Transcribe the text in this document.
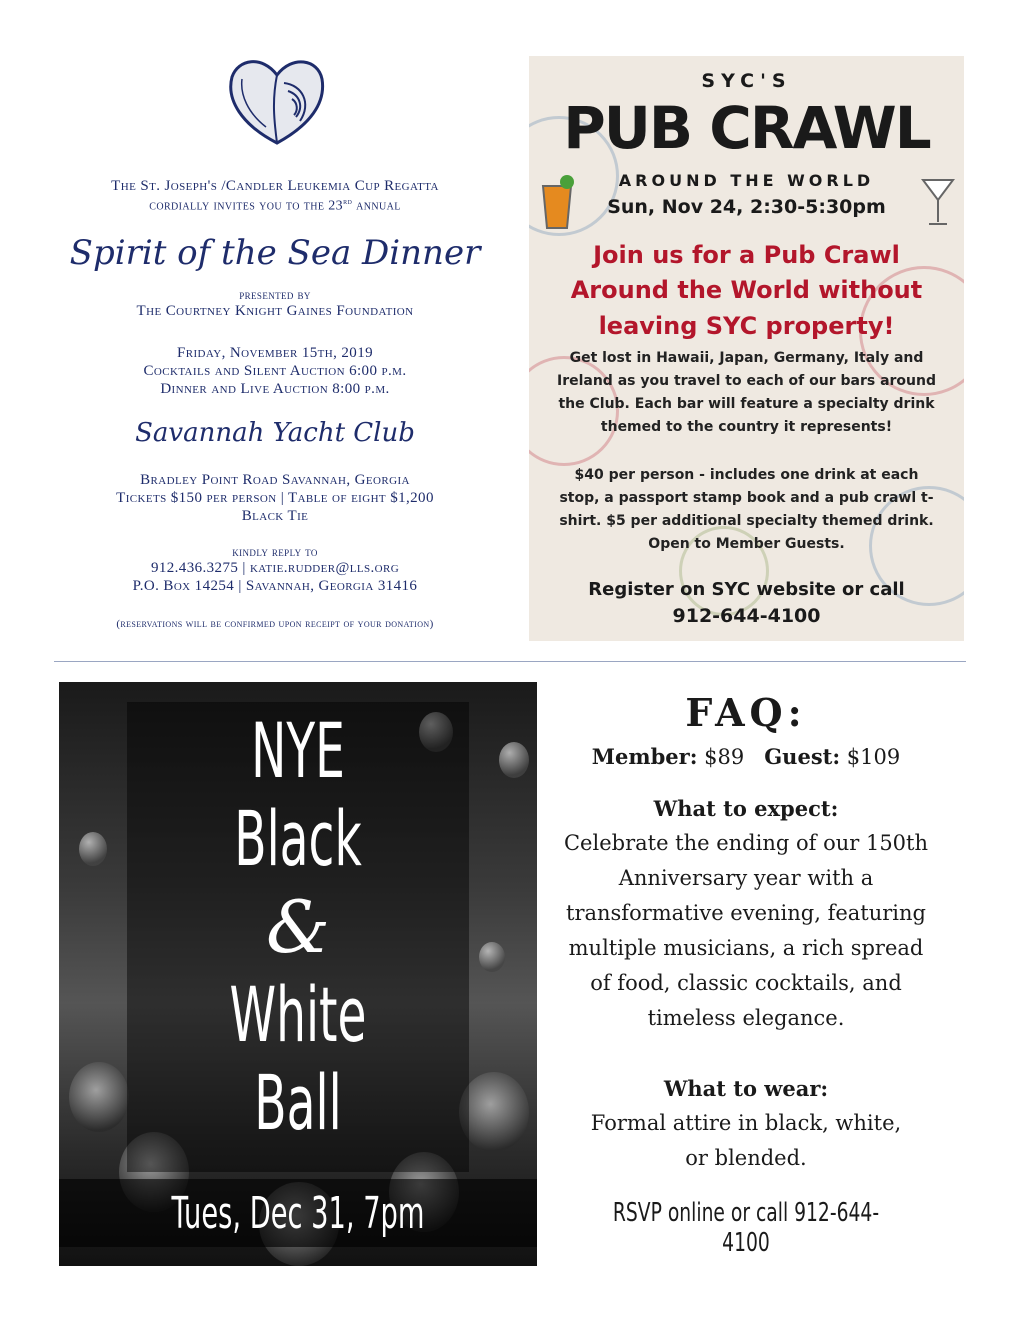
The St. Joseph's /Candler Leukemia Cup Regatta
cordially invites you to the 23rd annual
Spirit of the Sea Dinner
presented by
The Courtney Knight Gaines Foundation
Friday, November 15th, 2019
Cocktails and Silent Auction 6:00 p.m.
Dinner and Live Auction 8:00 p.m.
Savannah Yacht Club
Bradley Point Road Savannah, Georgia
Tickets $150 per person | Table of eight $1,200
Black Tie
kindly reply to
912.436.3275 | katie.rudder@lls.org
P.O. Box 14254 | Savannah, Georgia 31416
(reservations will be confirmed upon receipt of your donation)
SYC'S
PUB CRAWL
AROUND THE WORLD
Sun, Nov 24, 2:30-5:30pm
Join us for a Pub Crawl
Around the World without
leaving SYC property!
Get lost in Hawaii, Japan, Germany, Italy and
Ireland as you travel to each of our bars around
the Club. Each bar will feature a specialty drink
themed to the country it represents!
$40 per person - includes one drink at each
stop, a passport stamp book and a pub crawl t-
shirt. $5 per additional specialty themed drink.
Open to Member Guests.
Register on SYC website or call
912-644-4100
NYE
Black
&
White
Ball
Tues, Dec 31, 7pm
FAQ:
Member: $89 Guest: $109
What to expect:
Celebrate the ending of our 150th
Anniversary year with a
transformative evening, featuring
multiple musicians, a rich spread
of food, classic cocktails, and
timeless elegance.
What to wear:
Formal attire in black, white,
or blended.
RSVP online or call 912-644-4100
